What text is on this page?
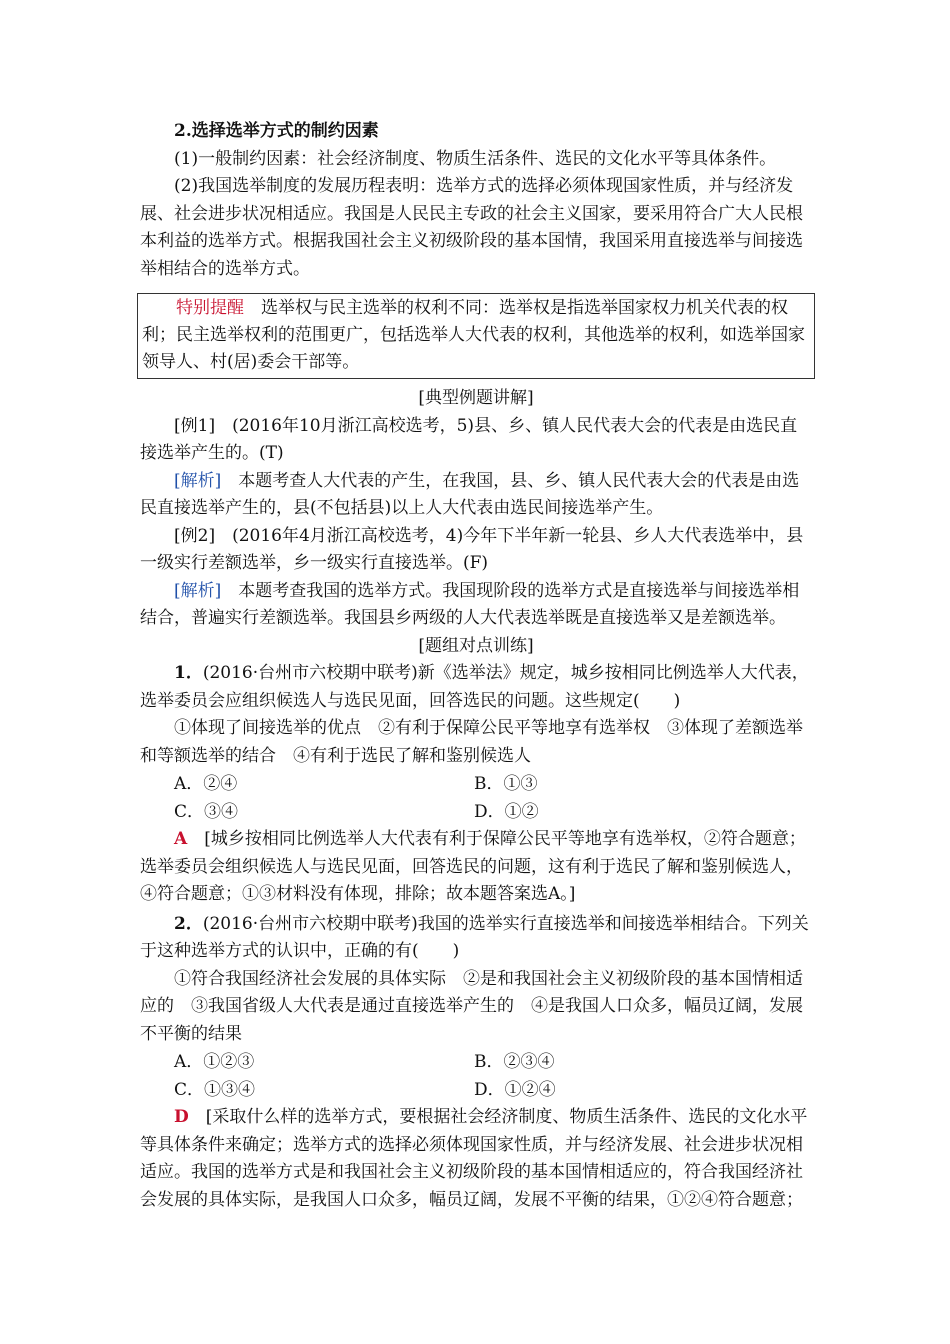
2.选择选举方式的制约因素

(1)一般制约因素：社会经济制度、物质生活条件、选民的文化水平等具体条件。

(2)我国选举制度的发展历程表明：选举方式的选择必须体现国家性质，并与经济发展、社会进步状况相适应。我国是人民民主专政的社会主义国家，要采用符合广大人民根本利益的选举方式。根据我国社会主义初级阶段的基本国情，我国采用直接选举与间接选举相结合的选举方式。

特别提醒　选举权与民主选举的权利不同：选举权是指选举国家权力机关代表的权利；民主选举权利的范围更广，包括选举人大代表的权利，其他选举的权利，如选举国家领导人、村(居)委会干部等。

[典型例题讲解]

[例1]　(2016年10月浙江高校选考，5)县、乡、镇人民代表大会的代表是由选民直接选举产生的。(T)

[解析]　本题考查人大代表的产生，在我国，县、乡、镇人民代表大会的代表是由选民直接选举产生的，县(不包括县)以上人大代表由选民间接选举产生。

[例2]　(2016年4月浙江高校选考，4)今年下半年新一轮县、乡人大代表选举中，县一级实行差额选举，乡一级实行直接选举。(F)

[解析]　本题考查我国的选举方式。我国现阶段的选举方式是直接选举与间接选举相结合，普遍实行差额选举。我国县乡两级的人大代表选举既是直接选举又是差额选举。

[题组对点训练]

1．(2016·台州市六校期中联考)新《选举法》规定，城乡按相同比例选举人大代表，选举委员会应组织候选人与选民见面，回答选民的问题。这些规定(　　)

①体现了间接选举的优点　②有利于保障公民平等地享有选举权　③体现了差额选举和等额选举的结合　④有利于选民了解和鉴别候选人

A．②④	B．①③
C．③④	D．①②

A　[城乡按相同比例选举人大代表有利于保障公民平等地享有选举权，②符合题意；选举委员会组织候选人与选民见面，回答选民的问题，这有利于选民了解和鉴别候选人，④符合题意；①③材料没有体现，排除；故本题答案选A。]

2．(2016·台州市六校期中联考)我国的选举实行直接选举和间接选举相结合。下列关于这种选举方式的认识中，正确的有(　　)

①符合我国经济社会发展的具体实际　②是和我国社会主义初级阶段的基本国情相适应的　③我国省级人大代表是通过直接选举产生的　④是我国人口众多，幅员辽阔，发展不平衡的结果

A．①②③	B．②③④
C．①③④	D．①②④

D　[采取什么样的选举方式，要根据社会经济制度、物质生活条件、选民的文化水平等具体条件来确定；选举方式的选择必须体现国家性质，并与经济发展、社会进步状况相适应。我国的选举方式是和我国社会主义初级阶段的基本国情相适应的，符合我国经济社会发展的具体实际，是我国人口众多，幅员辽阔，发展不平衡的结果，①②④符合题意；
